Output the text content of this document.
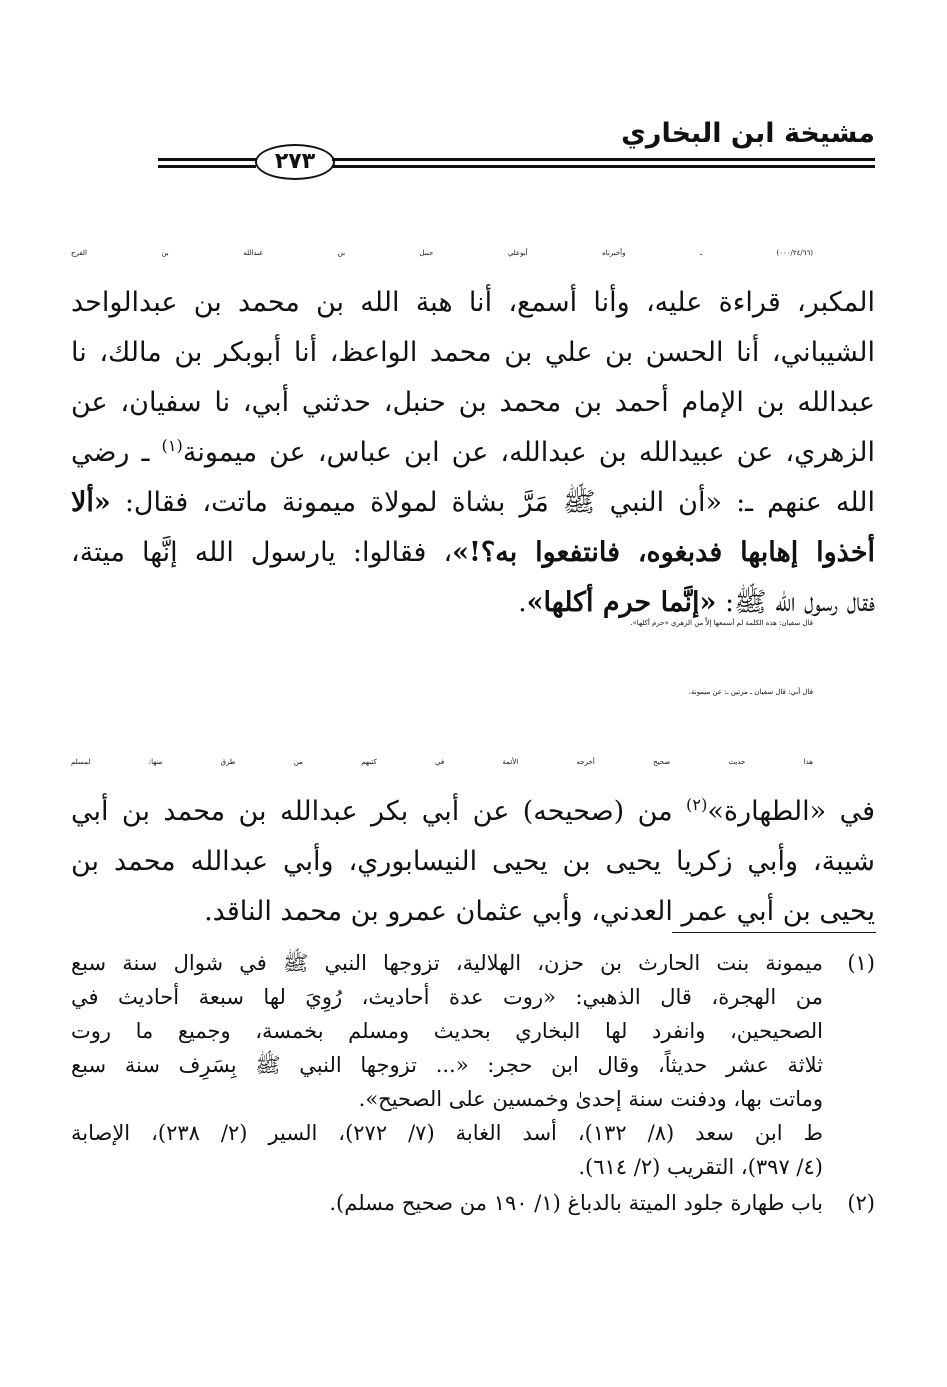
مشيخة ابن البخاري
٢٧٣
(٠٠٠/٢٤/٦٦) ـ وأخبرناه أبوعلي حنبل بن عبدالله بن الفرج
المكبر، قراءة عليه، وأنا أسمع، أنا هبة الله بن محمد بن عبدالواحد
الشيباني، أنا الحسن بن علي بن محمد الواعظ، أنا أبوبكر بن مالك، نا
عبدالله بن الإمام أحمد بن محمد بن حنبل، حدثني أبي، نا سفيان، عن
الزهري، عن عبيدالله بن عبدالله، عن ابن عباس، عن ميمونة$^{(١)}$ ـ رضي
الله عنهم ـ: «أن النبي ﷺ مَرَّ بشاة لمولاة ميمونة ماتت، فقال: «ألا
أخذوا إهابها فدبغوه، فانتفعوا به؟!»، فقالوا: يارسول الله إنَّها ميتة،
فقال رسول الله ﷺ: «إنَّما حرم أكلها».
قال سفيان: هذه الكلمة لم أسمعها إلاَّ من الزهري «حرم أكلها».
قال أبي: قال سفيان ـ مرتين ـ: عن ميمونة.
هذا حديث صحيح أخرجه الأئمة في كتبهم من طرق منها: لمسلم
في «الطهارة»$^{(٢)}$ من (صحيحه) عن أبي بكر عبدالله بن محمد بن أبي
شيبة، وأبي زكريا يحيى بن يحيى النيسابوري، وأبي عبدالله محمد بن
يحيى بن أبي عمر العدني، وأبي عثمان عمرو بن محمد الناقد.
(١)
ميمونة بنت الحارث بن حزن، الهلالية، تزوجها النبي ﷺ في شوال سنة سبع
من الهجرة، قال الذهبي: «روت عدة أحاديث، رُوِيَ لها سبعة أحاديث في
الصحيحين، وانفرد لها البخاري بحديث ومسلم بخمسة، وجميع ما روت
ثلاثة عشر حديثاً، وقال ابن حجر: «... تزوجها النبي ﷺ بِسَرِف سنة سبع
وماتت بها، ودفنت سنة إحدىٰ وخمسين على الصحيح».
ط ابن سعد (٨/ ١٣٢)، أسد الغابة (٧/ ٢٧٢)، السير (٢/ ٢٣٨)، الإصابة
(٤/ ٣٩٧)، التقريب (٢/ ٦١٤).
(٢)
باب طهارة جلود الميتة بالدباغ (١/ ١٩٠ من صحيح مسلم).
